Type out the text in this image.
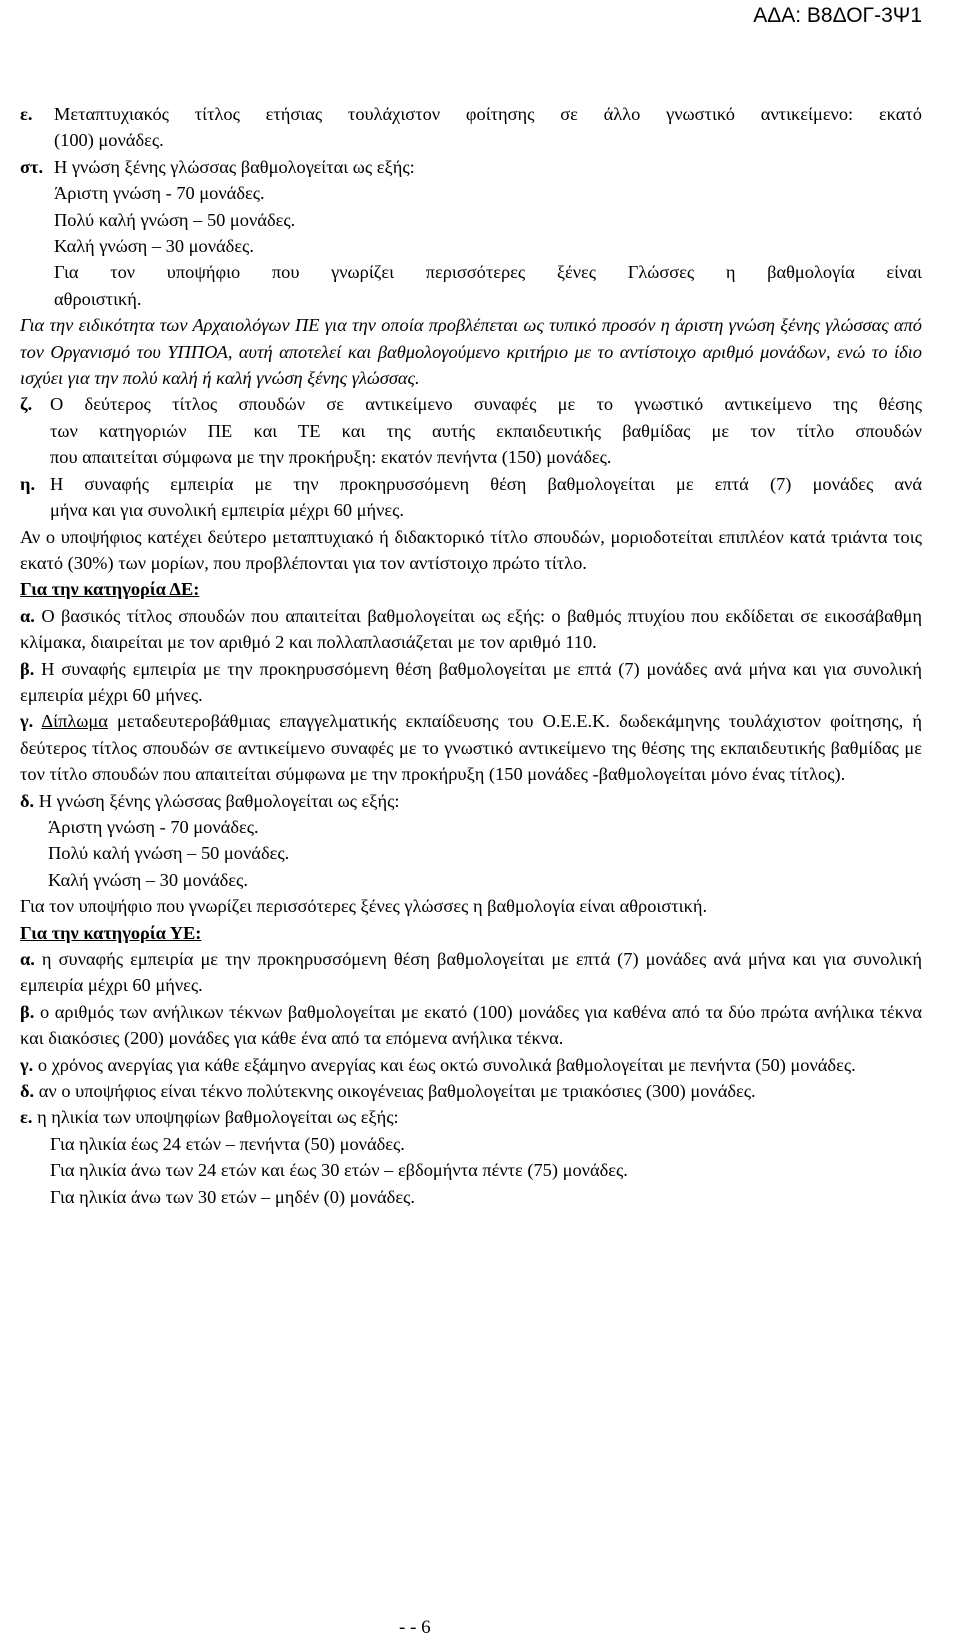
ΑΔΑ: Β8ΔΟΓ-3Ψ1
ε.	Μεταπτυχιακός τίτλος ετήσιας τουλάχιστον φοίτησης σε άλλο γνωστικό αντικείμενο: εκατό

(100) μονάδες.

στ. Η γνώση ξένης γλώσσας βαθμολογείται ως εξής:

Άριστη γνώση - 70 μονάδες.

Πολύ καλή γνώση – 50 μονάδες.

Καλή γνώση – 30 μονάδες.

Για τον υποψήφιο που γνωρίζει περισσότερες ξένες Γλώσσες η βαθμολογία είναι

αθροιστική.

Για την ειδικότητα των Αρχαιολόγων ΠΕ για την οποία προβλέπεται ως τυπικό προσόν η άριστη γνώση ξένης γλώσσας από τον Οργανισμό του ΥΠΠΟΑ, αυτή αποτελεί και βαθμολογούμενο κριτήριο με το αντίστοιχο αριθμό μονάδων, ενώ το ίδιο ισχύει για την πολύ καλή ή καλή γνώση ξένης γλώσσας.

ζ. Ο δεύτερος τίτλος σπουδών σε αντικείμενο συναφές με το γνωστικό αντικείμενο της θέσης

των κατηγοριών ΠΕ και ΤΕ και της αυτής εκπαιδευτικής βαθμίδας με τον τίτλο σπουδών

που απαιτείται σύμφωνα με την προκήρυξη: εκατόν πενήντα (150) μονάδες.

η. Η συναφής εμπειρία με την προκηρυσσόμενη θέση βαθμολογείται με επτά (7) μονάδες ανά

μήνα και για συνολική εμπειρία μέχρι 60 μήνες.

Αν ο υποψήφιος κατέχει δεύτερο μεταπτυχιακό ή διδακτορικό τίτλο σπουδών, μοριοδοτείται επιπλέον κατά τριάντα τοις εκατό (30%) των μορίων, που προβλέπονται για τον αντίστοιχο πρώτο τίτλο.

Για την κατηγορία ΔΕ:

α. Ο βασικός τίτλος σπουδών που απαιτείται βαθμολογείται ως εξής: ο βαθμός πτυχίου που εκδίδεται σε εικοσάβαθμη κλίμακα, διαιρείται με τον αριθμό 2 και πολλαπλασιάζεται με τον αριθμό 110.

β. Η συναφής εμπειρία με την προκηρυσσόμενη θέση βαθμολογείται με επτά (7) μονάδες ανά μήνα και για συνολική εμπειρία μέχρι 60 μήνες.

γ. Δίπλωμα μεταδευτεροβάθμιας επαγγελματικής εκπαίδευσης του Ο.Ε.Ε.Κ. δωδεκάμηνης τουλάχιστον φοίτησης, ή δεύτερος τίτλος σπουδών σε αντικείμενο συναφές με το γνωστικό αντικείμενο της θέσης της εκπαιδευτικής βαθμίδας με τον τίτλο σπουδών που απαιτείται σύμφωνα με την προκήρυξη (150 μονάδες -βαθμολογείται μόνο ένας τίτλος).

δ. Η γνώση ξένης γλώσσας βαθμολογείται ως εξής:

Άριστη γνώση - 70 μονάδες.

Πολύ καλή γνώση – 50 μονάδες.

Καλή γνώση – 30 μονάδες.

Για τον υποψήφιο που γνωρίζει περισσότερες ξένες γλώσσες η βαθμολογία είναι αθροιστική.

Για την κατηγορία ΥΕ:

α. η συναφής εμπειρία με την προκηρυσσόμενη θέση βαθμολογείται με επτά (7) μονάδες ανά μήνα και για συνολική εμπειρία μέχρι 60 μήνες.

β. ο αριθμός των ανήλικων τέκνων βαθμολογείται με εκατό (100) μονάδες για καθένα από τα δύο πρώτα ανήλικα τέκνα και διακόσιες (200) μονάδες για κάθε ένα από τα επόμενα ανήλικα τέκνα.

γ. ο χρόνος ανεργίας για κάθε εξάμηνο ανεργίας και έως οκτώ συνολικά βαθμολογείται με πενήντα (50) μονάδες.

δ. αν ο υποψήφιος είναι τέκνο πολύτεκνης οικογένειας βαθμολογείται με τριακόσιες (300) μονάδες.

ε. η ηλικία των υποψηφίων βαθμολογείται ως εξής:

Για ηλικία έως 24 ετών – πενήντα (50) μονάδες.

Για ηλικία άνω των 24 ετών και έως 30 ετών – εβδομήντα πέντε (75) μονάδες.

Για ηλικία άνω των 30 ετών – μηδέν (0) μονάδες.

- - 6
